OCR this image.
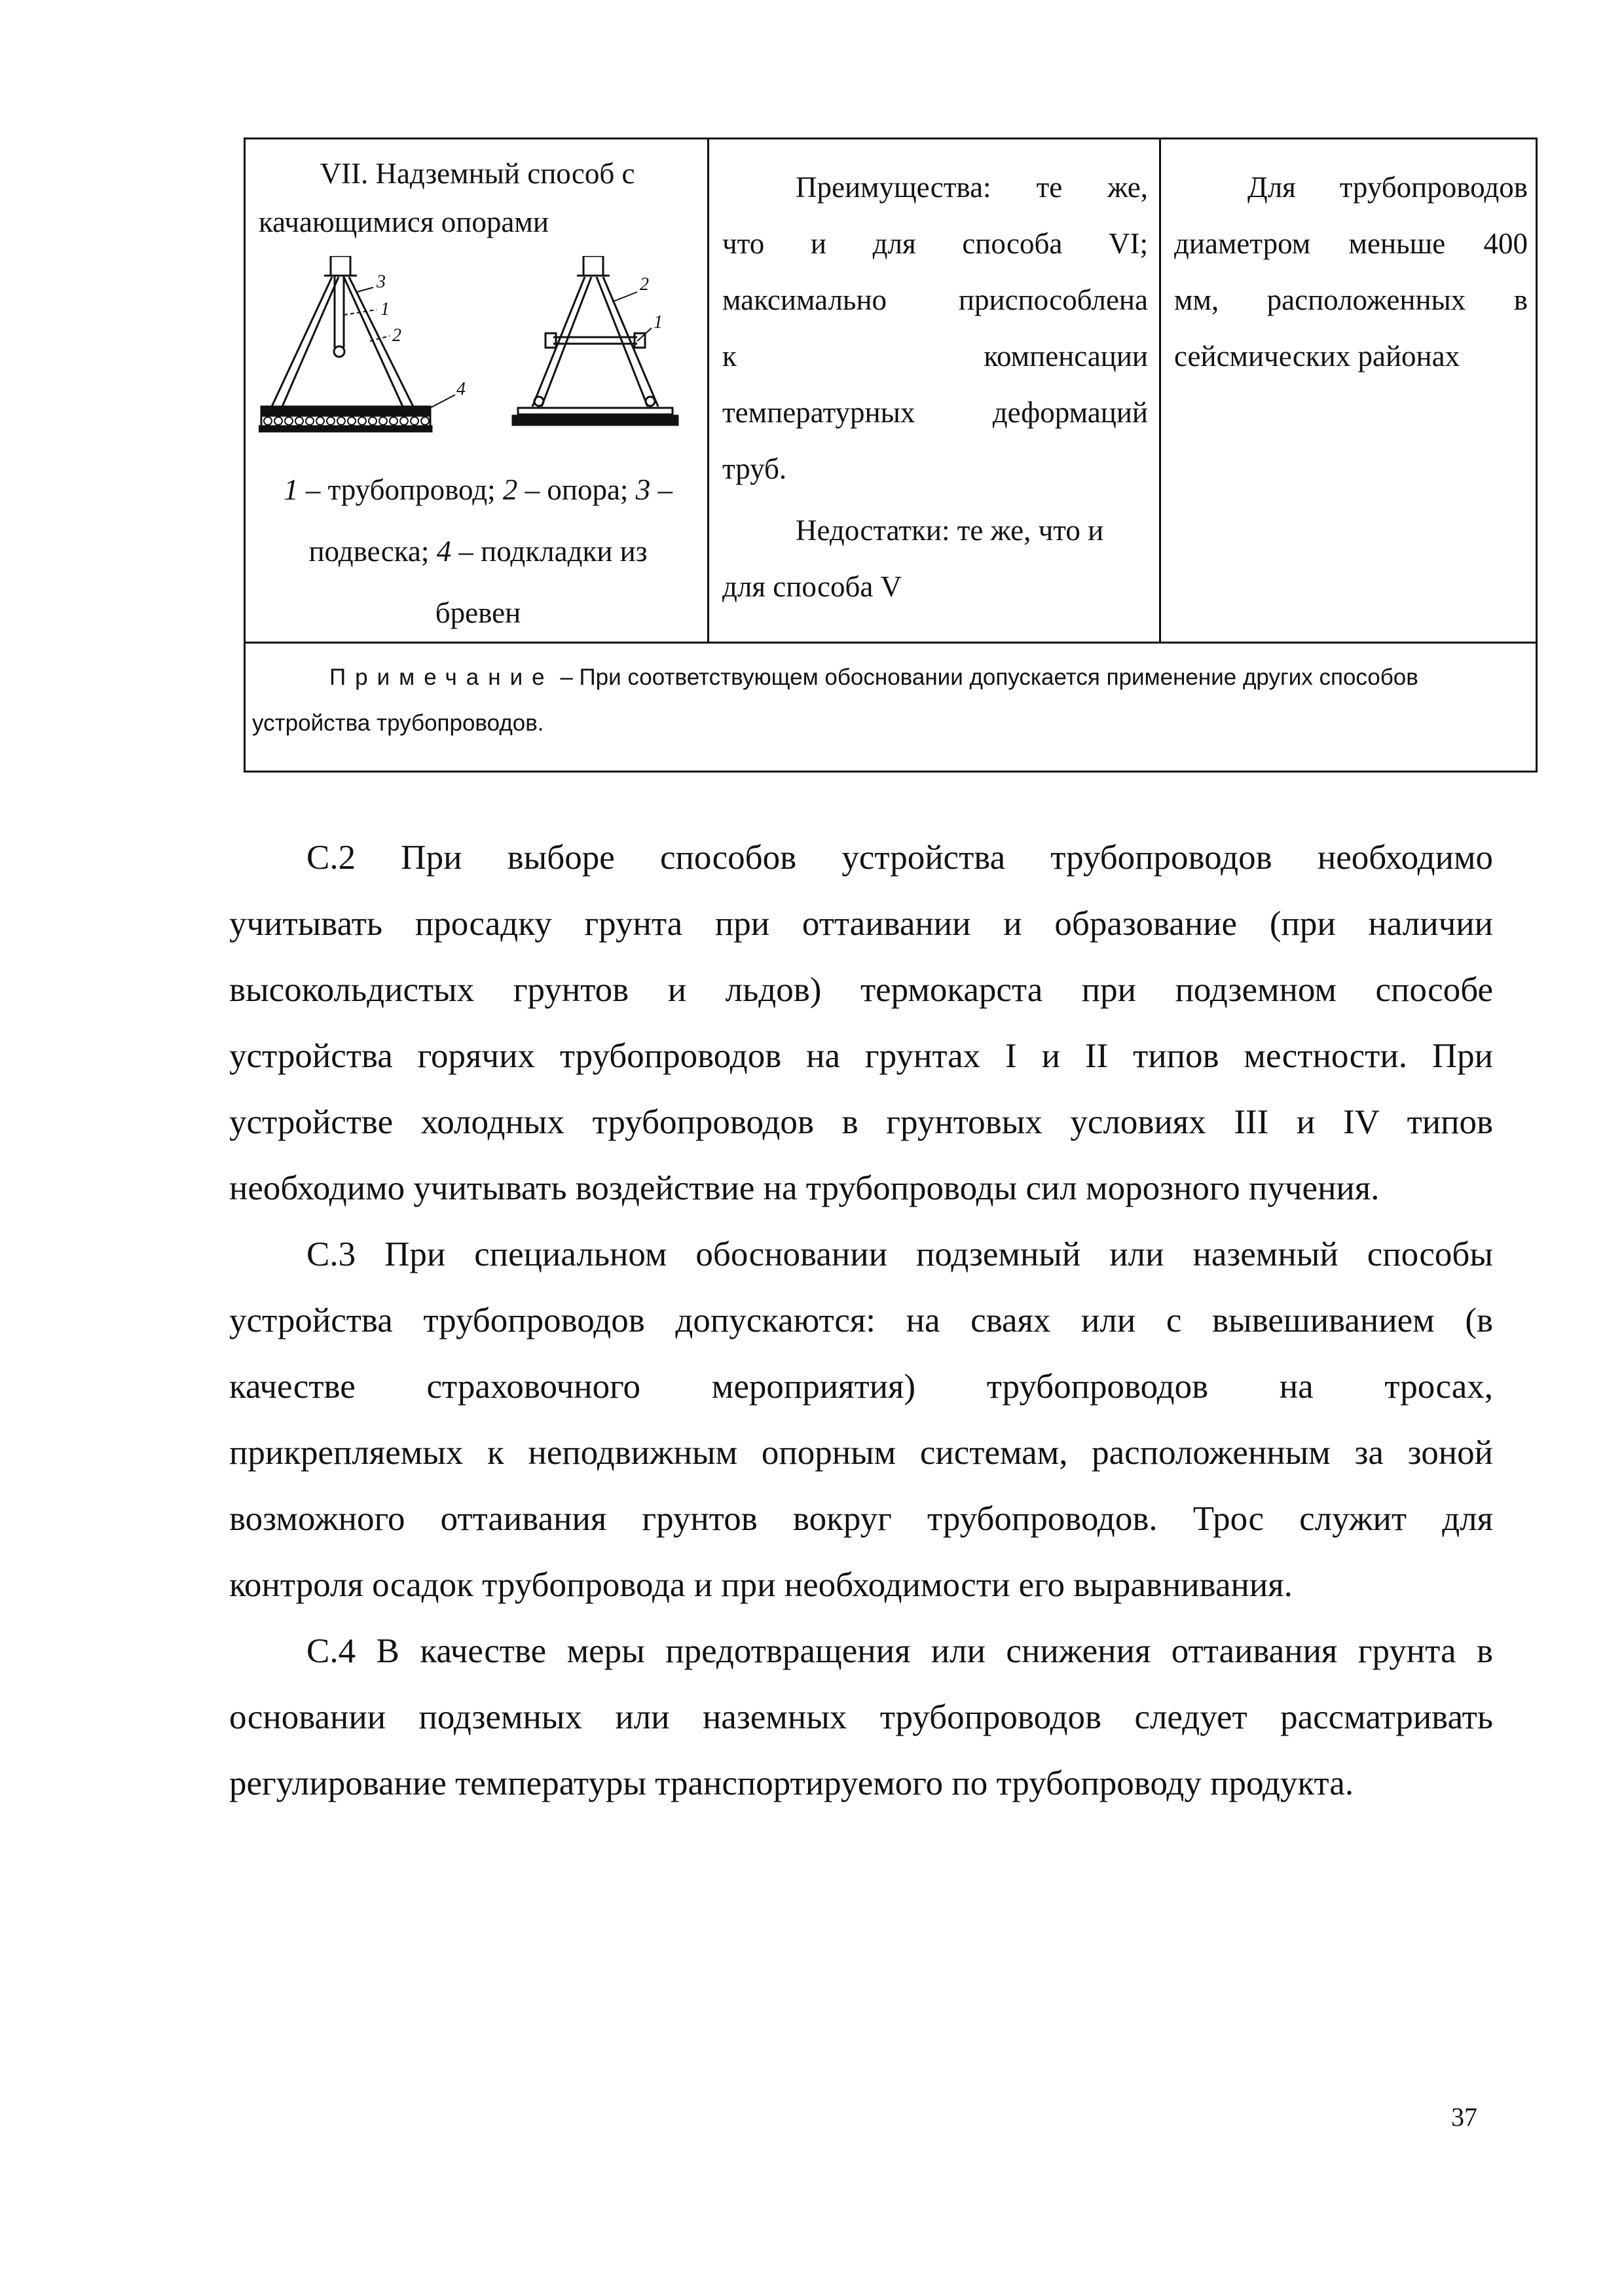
VII. Надземный способ с
качающимися опорами

3
1
2
4
2
1

1 – трубопровод; 2 – опора; 3 –
подвеска; 4 – подкладки из
бревен

Преимущества: те же,
что и для способа VI;
максимально приспособлена
к компенсации
температурных деформаций
труб.
Недостатки: те же, что и
для способа V
Для трубопроводов
диаметром меньше 400
мм, расположенных в
сейсмических районах
Примечание – При соответствующем обосновании допускается применение других способов
устройства трубопроводов.
С.2 При выборе способов устройства трубопроводов необходимо
учитывать просадку грунта при оттаивании и образование (при наличии
высокольдистых грунтов и льдов) термокарста при подземном способе
устройства горячих трубопроводов на грунтах I и II типов местности. При
устройстве холодных трубопроводов в грунтовых условиях III и IV типов
необходимо учитывать воздействие на трубопроводы сил морозного пучения.
С.3 При специальном обосновании подземный или наземный способы
устройства трубопроводов допускаются: на сваях или с вывешиванием (в
качестве страховочного мероприятия) трубопроводов на тросах,
прикрепляемых к неподвижным опорным системам, расположенным за зоной
возможного оттаивания грунтов вокруг трубопроводов. Трос служит для
контроля осадок трубопровода и при необходимости его выравнивания.
С.4 В качестве меры предотвращения или снижения оттаивания грунта в
основании подземных или наземных трубопроводов следует рассматривать
регулирование температуры транспортируемого по трубопроводу продукта.
37
